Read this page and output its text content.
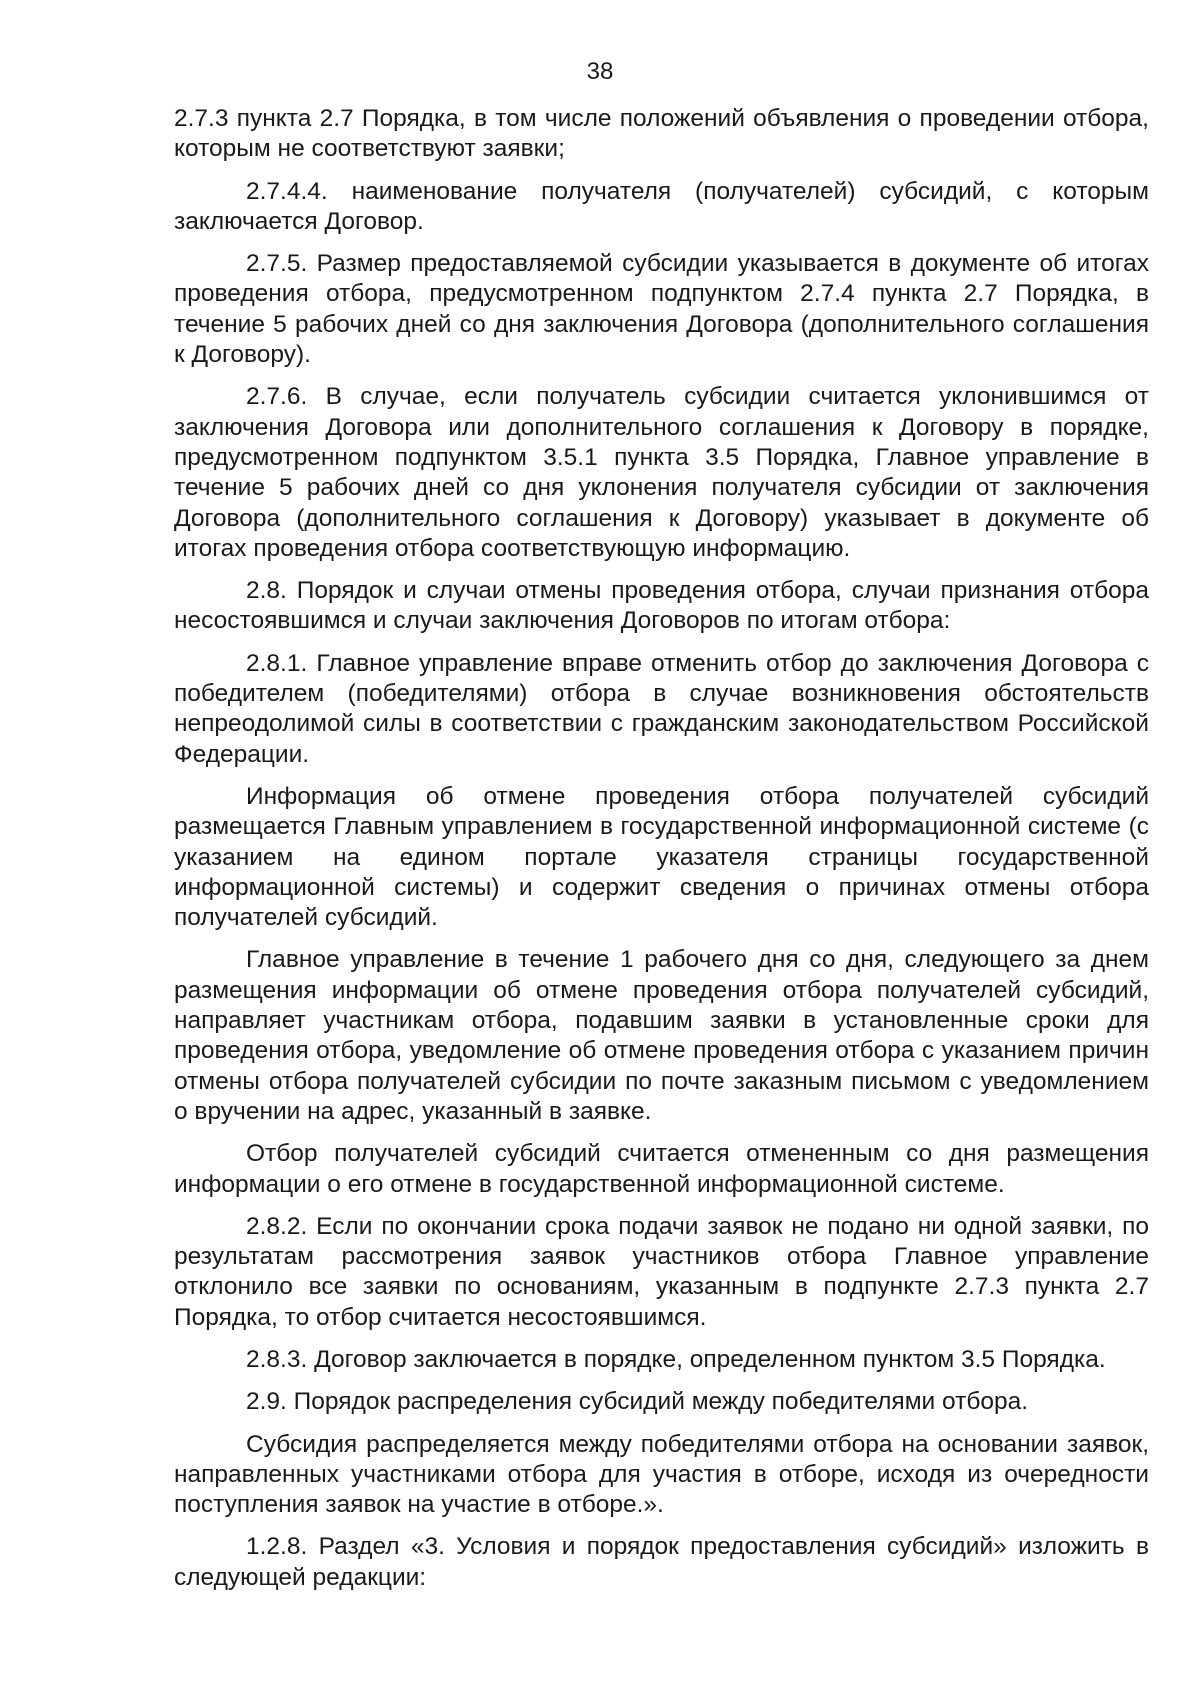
38

2.7.3 пункта 2.7 Порядка, в том числе положений объявления о проведении отбора, которым не соответствуют заявки;

2.7.4.4. наименование получателя (получателей) субсидий, с которым заключается Договор.

2.7.5. Размер предоставляемой субсидии указывается в документе об итогах проведения отбора, предусмотренном подпунктом 2.7.4 пункта 2.7 Порядка, в течение 5 рабочих дней со дня заключения Договора (дополнительного соглашения к Договору).

2.7.6. В случае, если получатель субсидии считается уклонившимся от заключения Договора или дополнительного соглашения к Договору в порядке, предусмотренном подпунктом 3.5.1 пункта 3.5 Порядка, Главное управление в течение 5 рабочих дней со дня уклонения получателя субсидии от заключения Договора (дополнительного соглашения к Договору) указывает в документе об итогах проведения отбора соответствующую информацию.

2.8. Порядок и случаи отмены проведения отбора, случаи признания отбора несостоявшимся и случаи заключения Договоров по итогам отбора:

2.8.1. Главное управление вправе отменить отбор до заключения Договора с победителем (победителями) отбора в случае возникновения обстоятельств непреодолимой силы в соответствии с гражданским законодательством Российской Федерации.

Информация об отмене проведения отбора получателей субсидий размещается Главным управлением в государственной информационной системе (с указанием на едином портале указателя страницы государственной информационной системы) и содержит сведения о причинах отмены отбора получателей субсидий.

Главное управление в течение 1 рабочего дня со дня, следующего за днем размещения информации об отмене проведения отбора получателей субсидий, направляет участникам отбора, подавшим заявки в установленные сроки для проведения отбора, уведомление об отмене проведения отбора с указанием причин отмены отбора получателей субсидии по почте заказным письмом с уведомлением о вручении на адрес, указанный в заявке.

Отбор получателей субсидий считается отмененным со дня размещения информации о его отмене в государственной информационной системе.

2.8.2. Если по окончании срока подачи заявок не подано ни одной заявки, по результатам рассмотрения заявок участников отбора Главное управление отклонило все заявки по основаниям, указанным в подпункте 2.7.3 пункта 2.7 Порядка, то отбор считается несостоявшимся.

2.8.3. Договор заключается в порядке, определенном пунктом 3.5 Порядка.

2.9. Порядок распределения субсидий между победителями отбора.

Субсидия распределяется между победителями отбора на основании заявок, направленных участниками отбора для участия в отборе, исходя из очередности поступления заявок на участие в отборе.».

1.2.8. Раздел «3. Условия и порядок предоставления субсидий» изложить в следующей редакции:
